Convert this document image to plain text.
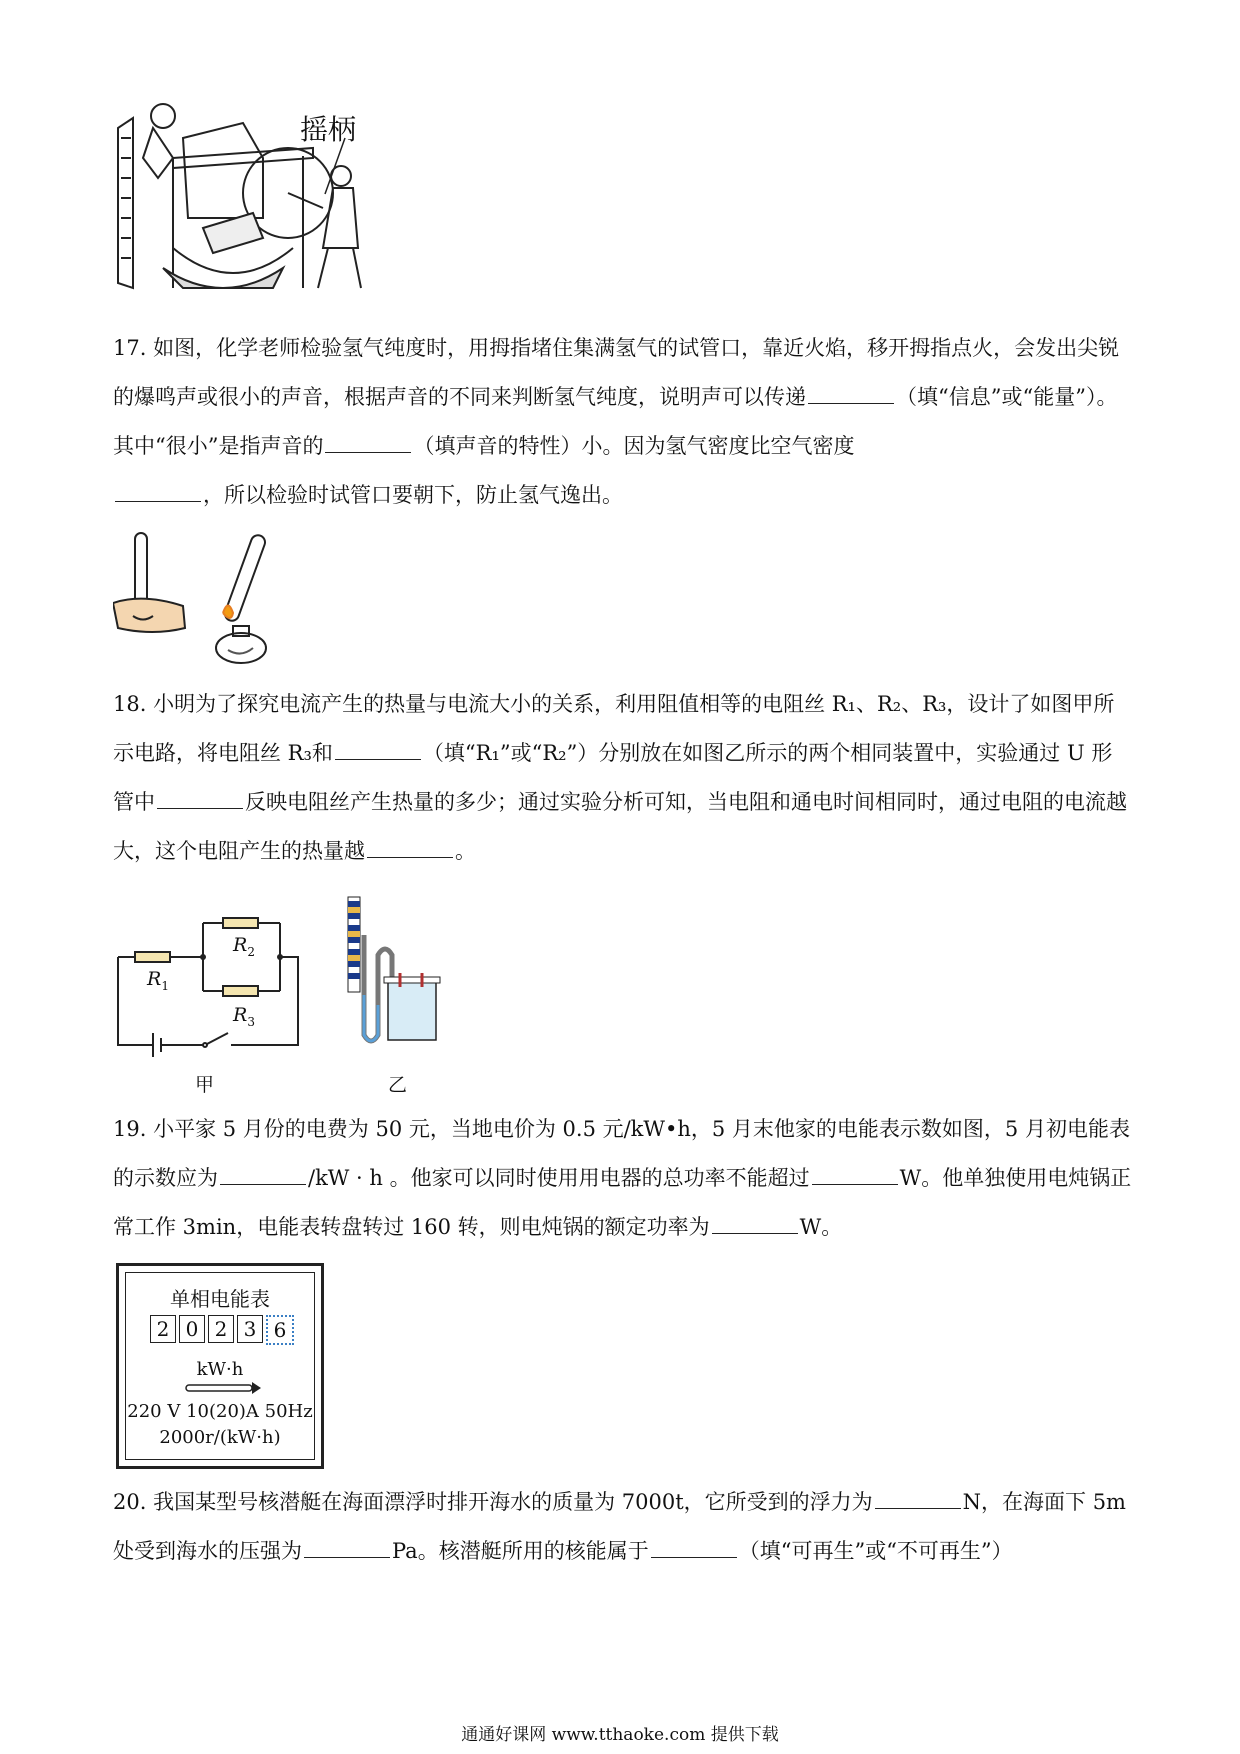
摇柄

17. 如图，化学老师检验氢气纯度时，用拇指堵住集满氢气的试管口，靠近火焰，移开拇指点火，会发出尖锐的爆鸣声或很小的声音，根据声音的不同来判断氢气纯度，说明声可以传递	（填“信息”或“能量”）。其中“很小”是指声音的	（填声音的特性）小。因为氢气密度比空气密度
，所以检验时试管口要朝下，防止氢气逸出。

18. 小明为了探究电流产生的热量与电流大小的关系，利用阻值相等的电阻丝 R₁、R₂、R₃，设计了如图甲所示电路，将电阻丝 R₃和	（填“R₁”或“R₂”）分别放在如图乙所示的两个相同装置中，实验通过 U 形管中	反映电阻丝产生热量的多少；通过实验分析可知，当电阻和通电时间相同时，通过电阻的电流越大，这个电阻产生的热量越	。

$R_1$
$R_2$
$R_3$
甲	乙

19. 小平家 5 月份的电费为 50 元，当地电价为 0.5 元/kW•h，5 月末他家的电能表示数如图，5 月初电能表的示数应为	/kW · h 。他家可以同时使用用电器的总功率不能超过	W。他单独使用电炖锅正常工作 3min，电能表转盘转过 160 转，则电炖锅的额定功率为	W。

单相电能表
2 0 2 3 6
kW·h
220 V 10(20)A 50Hz
2000r/(kW·h)

20. 我国某型号核潜艇在海面漂浮时排开海水的质量为 7000t，它所受到的浮力为	N，在海面下 5m 处受到海水的压强为	Pa。核潜艇所用的核能属于	（填“可再生”或“不可再生”）

通通好课网 www.tthaoke.com 提供下载
